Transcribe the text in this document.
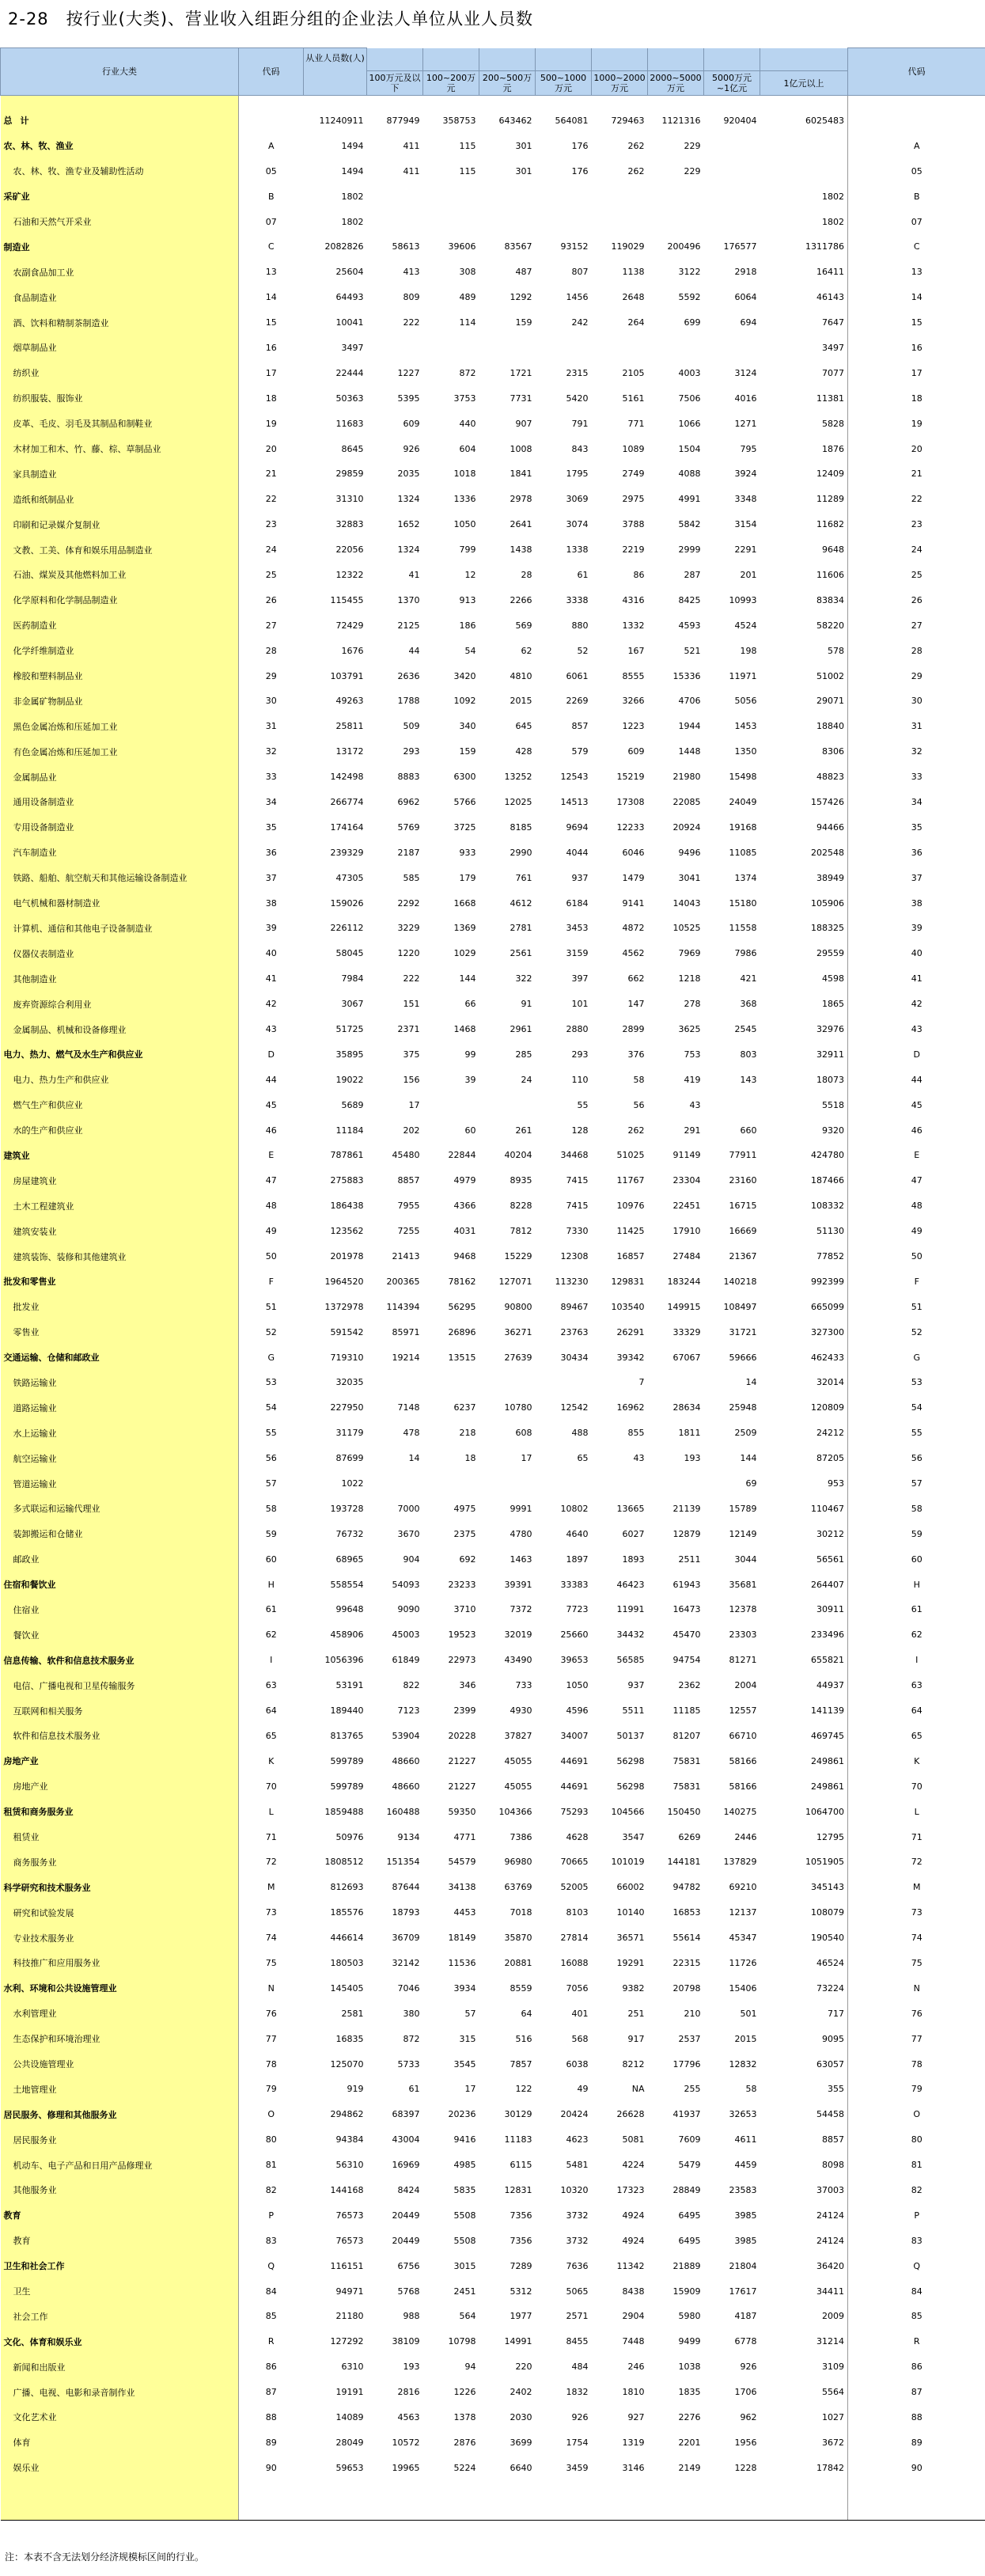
2-28　按行业(大类)、营业收入组距分组的企业法人单位从业人员数
行业大类	代码	从业人员数(人)									代码
			100万元及以下	100~200万元	200~500万元	500~1000万元	1000~2000万元	2000~5000万元	5000万元~1亿元	1亿元以上	

总计		11240911	877949	358753	643462	564081	729463	1121316	920404	6025483	
农、林、牧、渔业	A	1494	411	115	301	176	262	229			A
农、林、牧、渔专业及辅助性活动	05	1494	411	115	301	176	262	229			05
采矿业	B	1802								1802	B
石油和天然气开采业	07	1802								1802	07
制造业	C	2082826	58613	39606	83567	93152	119029	200496	176577	1311786	C
农副食品加工业	13	25604	413	308	487	807	1138	3122	2918	16411	13
食品制造业	14	64493	809	489	1292	1456	2648	5592	6064	46143	14
酒、饮料和精制茶制造业	15	10041	222	114	159	242	264	699	694	7647	15
烟草制品业	16	3497								3497	16
纺织业	17	22444	1227	872	1721	2315	2105	4003	3124	7077	17
纺织服装、服饰业	18	50363	5395	3753	7731	5420	5161	7506	4016	11381	18
皮革、毛皮、羽毛及其制品和制鞋业	19	11683	609	440	907	791	771	1066	1271	5828	19
木材加工和木、竹、藤、棕、草制品业	20	8645	926	604	1008	843	1089	1504	795	1876	20
家具制造业	21	29859	2035	1018	1841	1795	2749	4088	3924	12409	21
造纸和纸制品业	22	31310	1324	1336	2978	3069	2975	4991	3348	11289	22
印刷和记录媒介复制业	23	32883	1652	1050	2641	3074	3788	5842	3154	11682	23
文教、工美、体育和娱乐用品制造业	24	22056	1324	799	1438	1338	2219	2999	2291	9648	24
石油、煤炭及其他燃料加工业	25	12322	41	12	28	61	86	287	201	11606	25
化学原料和化学制品制造业	26	115455	1370	913	2266	3338	4316	8425	10993	83834	26
医药制造业	27	72429	2125	186	569	880	1332	4593	4524	58220	27
化学纤维制造业	28	1676	44	54	62	52	167	521	198	578	28
橡胶和塑料制品业	29	103791	2636	3420	4810	6061	8555	15336	11971	51002	29
非金属矿物制品业	30	49263	1788	1092	2015	2269	3266	4706	5056	29071	30
黑色金属冶炼和压延加工业	31	25811	509	340	645	857	1223	1944	1453	18840	31
有色金属冶炼和压延加工业	32	13172	293	159	428	579	609	1448	1350	8306	32
金属制品业	33	142498	8883	6300	13252	12543	15219	21980	15498	48823	33
通用设备制造业	34	266774	6962	5766	12025	14513	17308	22085	24049	157426	34
专用设备制造业	35	174164	5769	3725	8185	9694	12233	20924	19168	94466	35
汽车制造业	36	239329	2187	933	2990	4044	6046	9496	11085	202548	36
铁路、船舶、航空航天和其他运输设备制造业	37	47305	585	179	761	937	1479	3041	1374	38949	37
电气机械和器材制造业	38	159026	2292	1668	4612	6184	9141	14043	15180	105906	38
计算机、通信和其他电子设备制造业	39	226112	3229	1369	2781	3453	4872	10525	11558	188325	39
仪器仪表制造业	40	58045	1220	1029	2561	3159	4562	7969	7986	29559	40
其他制造业	41	7984	222	144	322	397	662	1218	421	4598	41
废弃资源综合利用业	42	3067	151	66	91	101	147	278	368	1865	42
金属制品、机械和设备修理业	43	51725	2371	1468	2961	2880	2899	3625	2545	32976	43
电力、热力、燃气及水生产和供应业	D	35895	375	99	285	293	376	753	803	32911	D
电力、热力生产和供应业	44	19022	156	39	24	110	58	419	143	18073	44
燃气生产和供应业	45	5689	17			55	56	43		5518	45
水的生产和供应业	46	11184	202	60	261	128	262	291	660	9320	46
建筑业	E	787861	45480	22844	40204	34468	51025	91149	77911	424780	E
房屋建筑业	47	275883	8857	4979	8935	7415	11767	23304	23160	187466	47
土木工程建筑业	48	186438	7955	4366	8228	7415	10976	22451	16715	108332	48
建筑安装业	49	123562	7255	4031	7812	7330	11425	17910	16669	51130	49
建筑装饰、装修和其他建筑业	50	201978	21413	9468	15229	12308	16857	27484	21367	77852	50
批发和零售业	F	1964520	200365	78162	127071	113230	129831	183244	140218	992399	F
批发业	51	1372978	114394	56295	90800	89467	103540	149915	108497	665099	51
零售业	52	591542	85971	26896	36271	23763	26291	33329	31721	327300	52
交通运输、仓储和邮政业	G	719310	19214	13515	27639	30434	39342	67067	59666	462433	G
铁路运输业	53	32035					7		14	32014	53
道路运输业	54	227950	7148	6237	10780	12542	16962	28634	25948	120809	54
水上运输业	55	31179	478	218	608	488	855	1811	2509	24212	55
航空运输业	56	87699	14	18	17	65	43	193	144	87205	56
管道运输业	57	1022							69	953	57
多式联运和运输代理业	58	193728	7000	4975	9991	10802	13665	21139	15789	110467	58
装卸搬运和仓储业	59	76732	3670	2375	4780	4640	6027	12879	12149	30212	59
邮政业	60	68965	904	692	1463	1897	1893	2511	3044	56561	60
住宿和餐饮业	H	558554	54093	23233	39391	33383	46423	61943	35681	264407	H
住宿业	61	99648	9090	3710	7372	7723	11991	16473	12378	30911	61
餐饮业	62	458906	45003	19523	32019	25660	34432	45470	23303	233496	62
信息传输、软件和信息技术服务业	I	1056396	61849	22973	43490	39653	56585	94754	81271	655821	I
电信、广播电视和卫星传输服务	63	53191	822	346	733	1050	937	2362	2004	44937	63
互联网和相关服务	64	189440	7123	2399	4930	4596	5511	11185	12557	141139	64
软件和信息技术服务业	65	813765	53904	20228	37827	34007	50137	81207	66710	469745	65
房地产业	K	599789	48660	21227	45055	44691	56298	75831	58166	249861	K
房地产业	70	599789	48660	21227	45055	44691	56298	75831	58166	249861	70
租赁和商务服务业	L	1859488	160488	59350	104366	75293	104566	150450	140275	1064700	L
租赁业	71	50976	9134	4771	7386	4628	3547	6269	2446	12795	71
商务服务业	72	1808512	151354	54579	96980	70665	101019	144181	137829	1051905	72
科学研究和技术服务业	M	812693	87644	34138	63769	52005	66002	94782	69210	345143	M
研究和试验发展	73	185576	18793	4453	7018	8103	10140	16853	12137	108079	73
专业技术服务业	74	446614	36709	18149	35870	27814	36571	55614	45347	190540	74
科技推广和应用服务业	75	180503	32142	11536	20881	16088	19291	22315	11726	46524	75
水利、环境和公共设施管理业	N	145405	7046	3934	8559	7056	9382	20798	15406	73224	N
水利管理业	76	2581	380	57	64	401	251	210	501	717	76
生态保护和环境治理业	77	16835	872	315	516	568	917	2537	2015	9095	77
公共设施管理业	78	125070	5733	3545	7857	6038	8212	17796	12832	63057	78
土地管理业	79	919	61	17	122	49	NA	255	58	355	79
居民服务、修理和其他服务业	O	294862	68397	20236	30129	20424	26628	41937	32653	54458	O
居民服务业	80	94384	43004	9416	11183	4623	5081	7609	4611	8857	80
机动车、电子产品和日用产品修理业	81	56310	16969	4985	6115	5481	4224	5479	4459	8098	81
其他服务业	82	144168	8424	5835	12831	10320	17323	28849	23583	37003	82
教育	P	76573	20449	5508	7356	3732	4924	6495	3985	24124	P
教育	83	76573	20449	5508	7356	3732	4924	6495	3985	24124	83
卫生和社会工作	Q	116151	6756	3015	7289	7636	11342	21889	21804	36420	Q
卫生	84	94971	5768	2451	5312	5065	8438	15909	17617	34411	84
社会工作	85	21180	988	564	1977	2571	2904	5980	4187	2009	85
文化、体育和娱乐业	R	127292	38109	10798	14991	8455	7448	9499	6778	31214	R
新闻和出版业	86	6310	193	94	220	484	246	1038	926	3109	86
广播、电视、电影和录音制作业	87	19191	2816	1226	2402	1832	1810	1835	1706	5564	87
文化艺术业	88	14089	4563	1378	2030	926	927	2276	962	1027	88
体育	89	28049	10572	2876	3699	1754	1319	2201	1956	3672	89
娱乐业	90	59653	19965	5224	6640	3459	3146	2149	1228	17842	90

注：本表不含无法划分经济规模标区间的行业。
